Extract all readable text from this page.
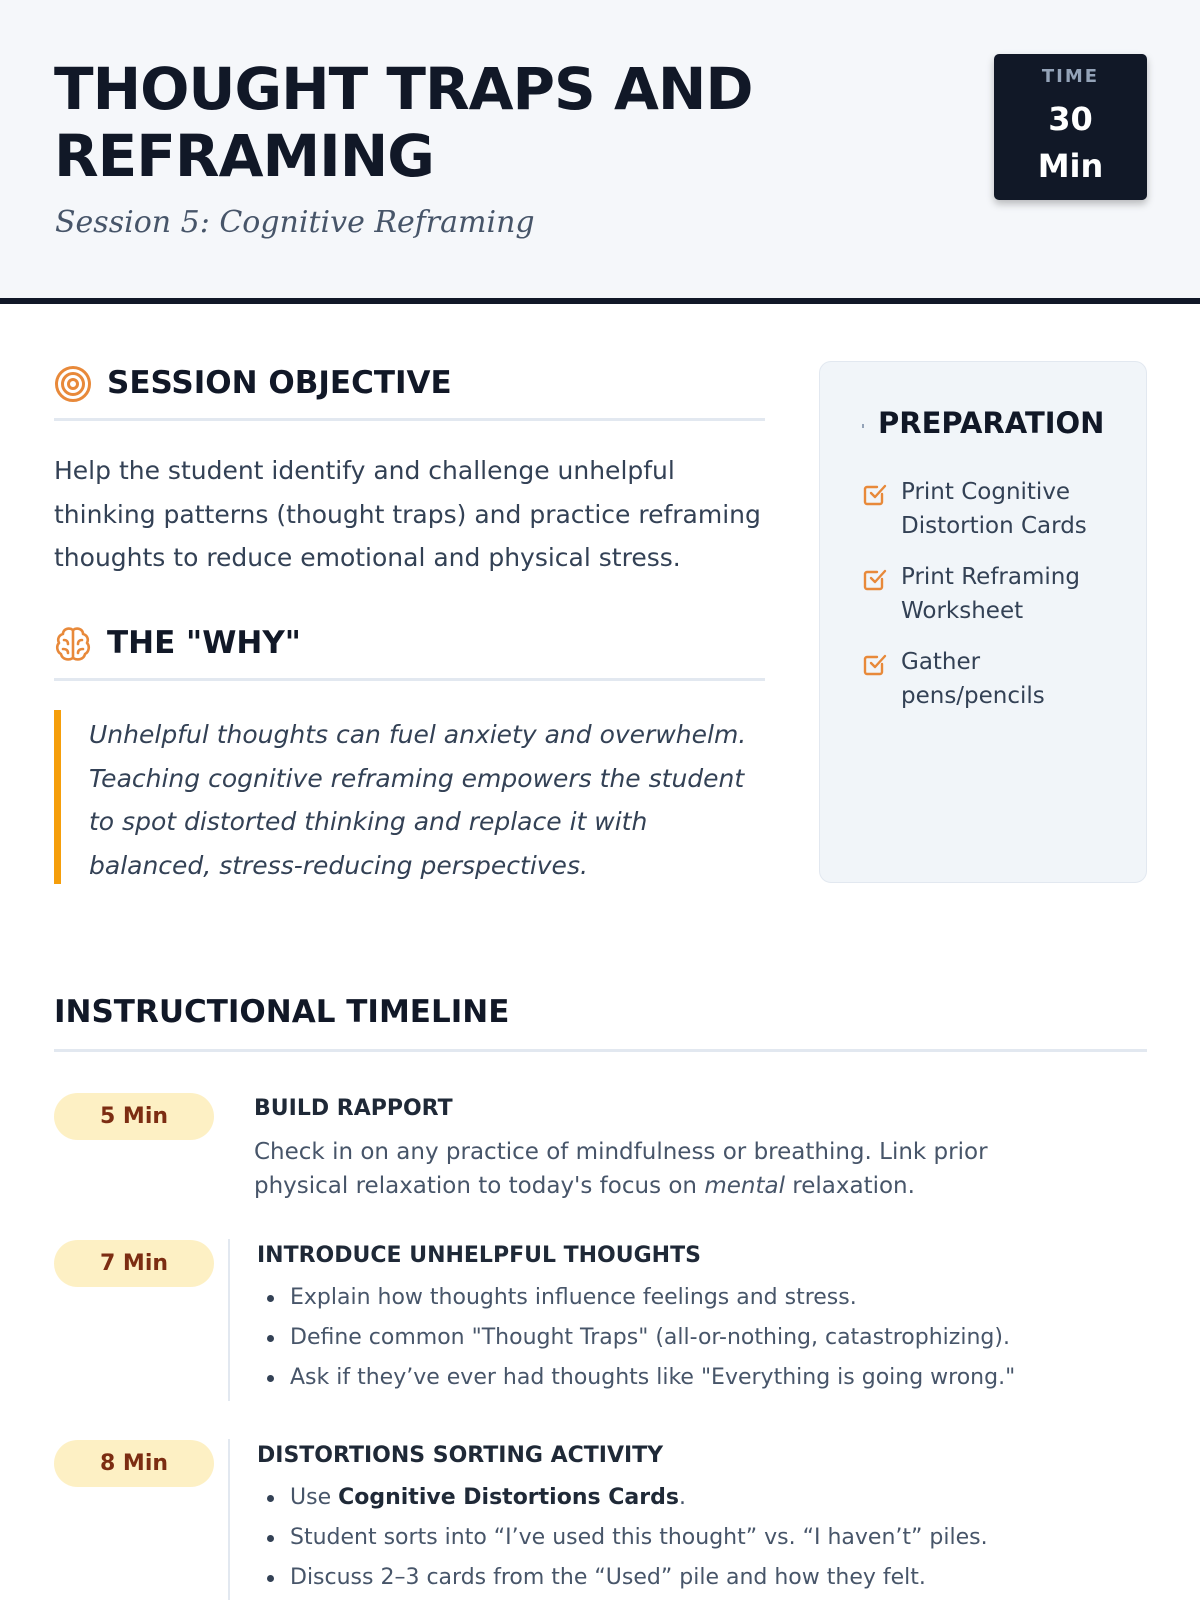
THOUGHT TRAPS AND REFRAMING
Session 5: Cognitive Reframing
TIME
30 Min
SESSION OBJECTIVE
Help the student identify and challenge unhelpful thinking patterns (thought traps) and practice reframing thoughts to reduce emotional and physical stress.
THE "WHY"
Unhelpful thoughts can fuel anxiety and overwhelm. Teaching cognitive reframing empowers the student to spot distorted thinking and replace it with balanced, stress-reducing perspectives.
PREPARATION
Print Cognitive Distortion Cards
Print Reframing Worksheet
Gather pens/pencils
INSTRUCTIONAL TIMELINE
5 Min	BUILD RAPPORT
Check in on any practice of mindfulness or breathing. Link prior physical relaxation to today's focus on mental relaxation.
7 Min	INTRODUCE UNHELPFUL THOUGHTS
Explain how thoughts influence feelings and stress.
Define common "Thought Traps" (all-or-nothing, catastrophizing).
Ask if they’ve ever had thoughts like "Everything is going wrong."
8 Min	DISTORTIONS SORTING ACTIVITY
Use Cognitive Distortions Cards.
Student sorts into “I’ve used this thought” vs. “I haven’t” piles.
Discuss 2–3 cards from the “Used” pile and how they felt.
